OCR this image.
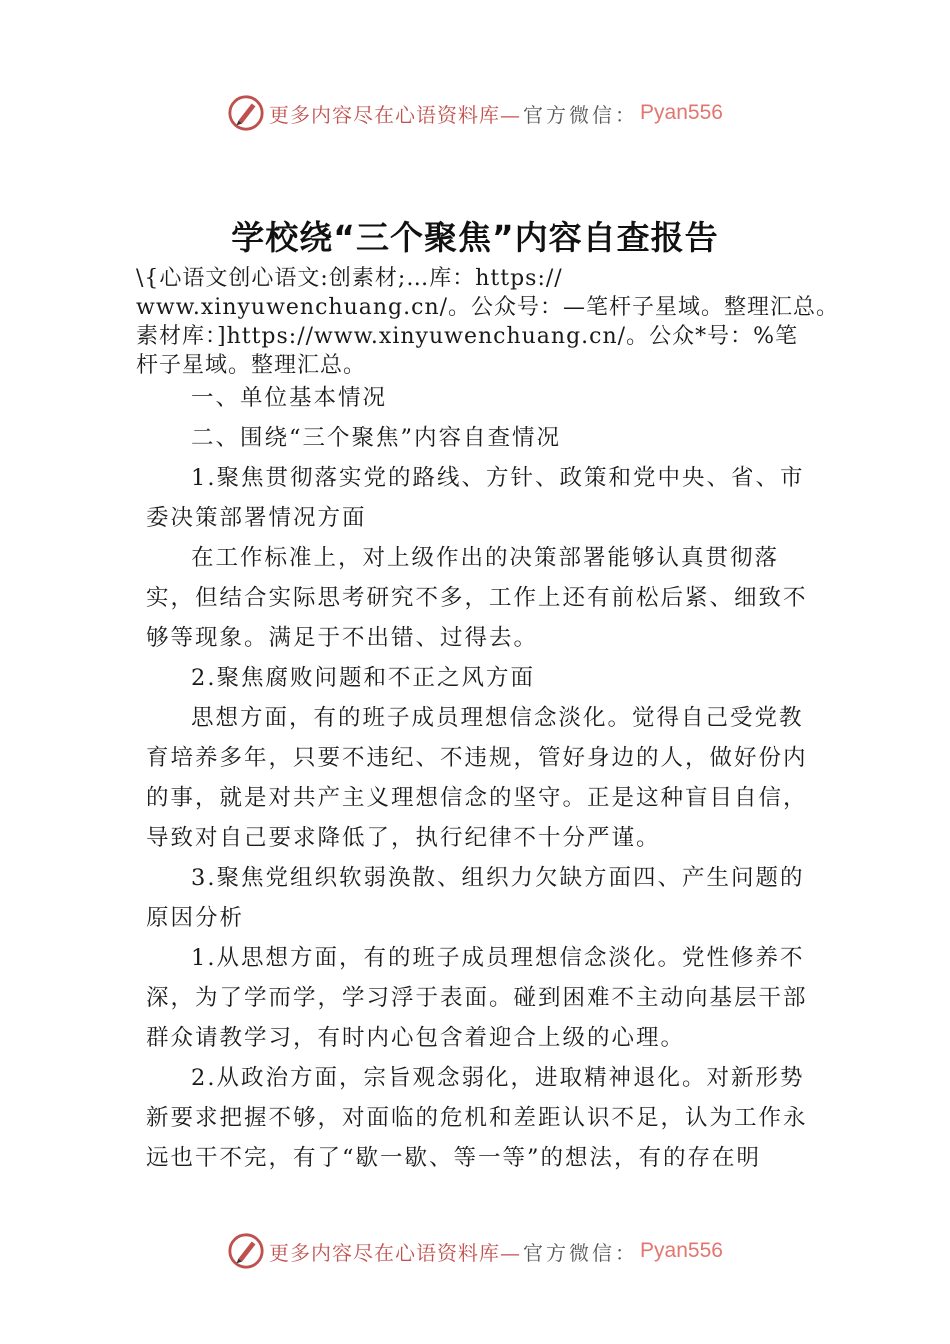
更多内容尽在心语资料库— 官方微信： Pyan556
学校绕“三个聚焦”内容自查报告
\{心语文创心语文:创素材;…库：https://
www.xinyuwenchuang.cn/。公众号：—笔杆子星域。整理汇总。
素材库：]https://www.xinyuwenchuang.cn/。公众*号：%笔
杆子星域。整理汇总。

一、单位基本情况

二、围绕“三个聚焦”内容自查情况

1.聚焦贯彻落实党的路线、方针、政策和党中央、省、市委决策部署情况方面

在工作标准上，对上级作出的决策部署能够认真贯彻落实，但结合实际思考研究不多，工作上还有前松后紧、细致不够等现象。满足于不出错、过得去。

2.聚焦腐败问题和不正之风方面

思想方面，有的班子成员理想信念淡化。觉得自己受党教育培养多年，只要不违纪、不违规，管好身边的人，做好份内的事，就是对共产主义理想信念的坚守。正是这种盲目自信，导致对自己要求降低了，执行纪律不十分严谨。

3.聚焦党组织软弱涣散、组织力欠缺方面四、产生问题的原因分析

1.从思想方面，有的班子成员理想信念淡化。党性修养不深，为了学而学，学习浮于表面。碰到困难不主动向基层干部群众请教学习，有时内心包含着迎合上级的心理。

2.从政治方面，宗旨观念弱化，进取精神退化。对新形势新要求把握不够，对面临的危机和差距认识不足，认为工作永远也干不完，有了“歇一歇、等一等”的想法，有的存在明

更多内容尽在心语资料库— 官方微信： Pyan556
